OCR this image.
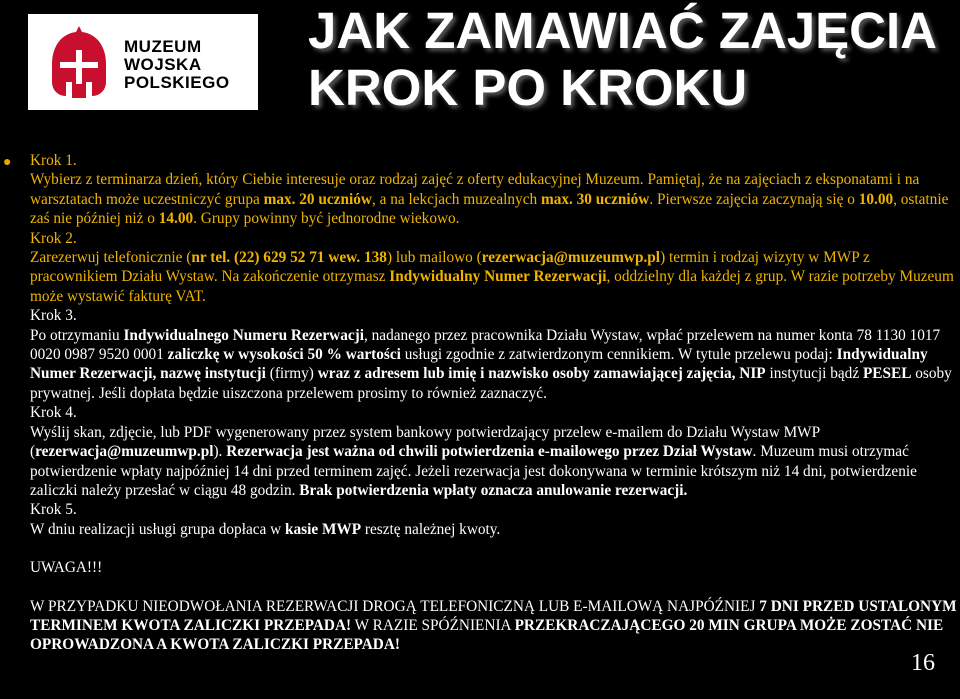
MUZEUM
WOJSKA
POLSKIEGO
JAK ZAMAWIAĆ ZAJĘCIA
KROK PO KROKU
●	Krok 1.

Wybierz z terminarza dzień, który Ciebie interesuje oraz rodzaj zajęć z oferty edukacyjnej Muzeum. Pamiętaj, że na zajęciach z eksponatami i na warsztatach może uczestniczyć grupa max. 20 uczniów, a na lekcjach muzealnych max. 30 uczniów. Pierwsze zajęcia zaczynają się o 10.00, ostatnie zaś nie później niż o 14.00. Grupy powinny być jednorodne wiekowo.

Krok 2.

Zarezerwuj telefonicznie (nr tel. (22) 629 52 71 wew. 138) lub mailowo (rezerwacja@muzeumwp.pl) termin i rodzaj wizyty w MWP z pracownikiem Działu Wystaw. Na zakończenie otrzymasz Indywidualny Numer Rezerwacji, oddzielny dla każdej z grup. W razie potrzeby Muzeum może wystawić fakturę VAT.

Krok 3.

Po otrzymaniu Indywidualnego Numeru Rezerwacji, nadanego przez pracownika Działu Wystaw, wpłać przelewem na numer konta 78 1130 1017 0020 0987 9520 0001 zaliczkę w wysokości 50 % wartości usługi zgodnie z zatwierdzonym cennikiem. W tytule przelewu podaj: Indywidualny Numer Rezerwacji, nazwę instytucji (firmy) wraz z adresem lub imię i nazwisko osoby zamawiającej zajęcia, NIP instytucji bądź PESEL osoby prywatnej. Jeśli dopłata będzie uiszczona przelewem prosimy to również zaznaczyć.

Krok 4.

Wyślij skan, zdjęcie, lub PDF wygenerowany przez system bankowy potwierdzający przelew e-mailem do Działu Wystaw MWP (rezerwacja@muzeumwp.pl). Rezerwacja jest ważna od chwili potwierdzenia e-mailowego przez Dział Wystaw. Muzeum musi otrzymać potwierdzenie wpłaty najpóźniej 14 dni przed terminem zajęć. Jeżeli rezerwacja jest dokonywana w terminie krótszym niż 14 dni, potwierdzenie zaliczki należy przesłać w ciągu 48 godzin. Brak potwierdzenia wpłaty oznacza anulowanie rezerwacji.

Krok 5.

W dniu realizacji usługi grupa dopłaca w kasie MWP resztę należnej kwoty.

UWAGA!!!

W PRZYPADKU NIEODWOŁANIA REZERWACJI DROGĄ TELEFONICZNĄ LUB E-MAILOWĄ NAJPÓŹNIEJ 7 DNI PRZED USTALONYM TERMINEM KWOTA ZALICZKI PRZEPADA! W RAZIE SPÓŹNIENIA PRZEKRACZAJĄCEGO 20 MIN GRUPA MOŻE ZOSTAĆ NIE OPROWADZONA A KWOTA ZALICZKI PRZEPADA!

16
